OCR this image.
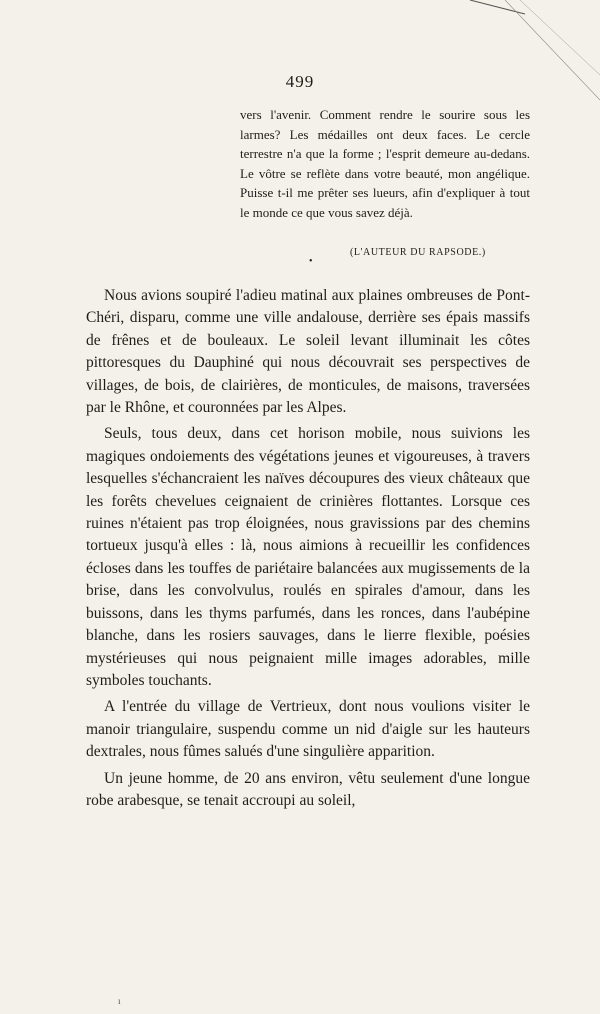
499

vers l'avenir. Comment rendre le sourire sous les larmes? Les médailles ont deux faces. Le cercle terrestre n'a que la forme ; l'esprit demeure au-dedans. Le vôtre se reflète dans votre beauté, mon angélique. Puisse t-il me prêter ses lueurs, afin d'expliquer à tout le monde ce que vous savez déjà.

•
(L'AUTEUR DU RAPSODE.)

Nous avions soupiré l'adieu matinal aux plaines ombreuses de Pont-Chéri, disparu, comme une ville andalouse, derrière ses épais massifs de frênes et de bouleaux. Le soleil levant illuminait les côtes pittoresques du Dauphiné qui nous découvrait ses perspectives de villages, de bois, de clairières, de monticules, de maisons, traversées par le Rhône, et couronnées par les Alpes.

Seuls, tous deux, dans cet horison mobile, nous suivions les magiques ondoiements des végétations jeunes et vigoureuses, à travers lesquelles s'échancraient les naïves découpures des vieux châteaux que les forêts chevelues ceignaient de crinières flottantes. Lorsque ces ruines n'étaient pas trop éloignées, nous gravissions par des chemins tortueux jusqu'à elles : là, nous aimions à recueillir les confidences écloses dans les touffes de pariétaire balancées aux mugissements de la brise, dans les convolvulus, roulés en spirales d'amour, dans les buissons, dans les thyms parfumés, dans les ronces, dans l'aubépine blanche, dans les rosiers sauvages, dans le lierre flexible, poésies mystérieuses qui nous peignaient mille images adorables, mille symboles touchants.

A l'entrée du village de Vertrieux, dont nous voulions visiter le manoir triangulaire, suspendu comme un nid d'aigle sur les hauteurs dextrales, nous fûmes salués d'une singulière apparition.

Un jeune homme, de 20 ans environ, vêtu seulement d'une longue robe arabesque, se tenait accroupi au soleil,

ı
